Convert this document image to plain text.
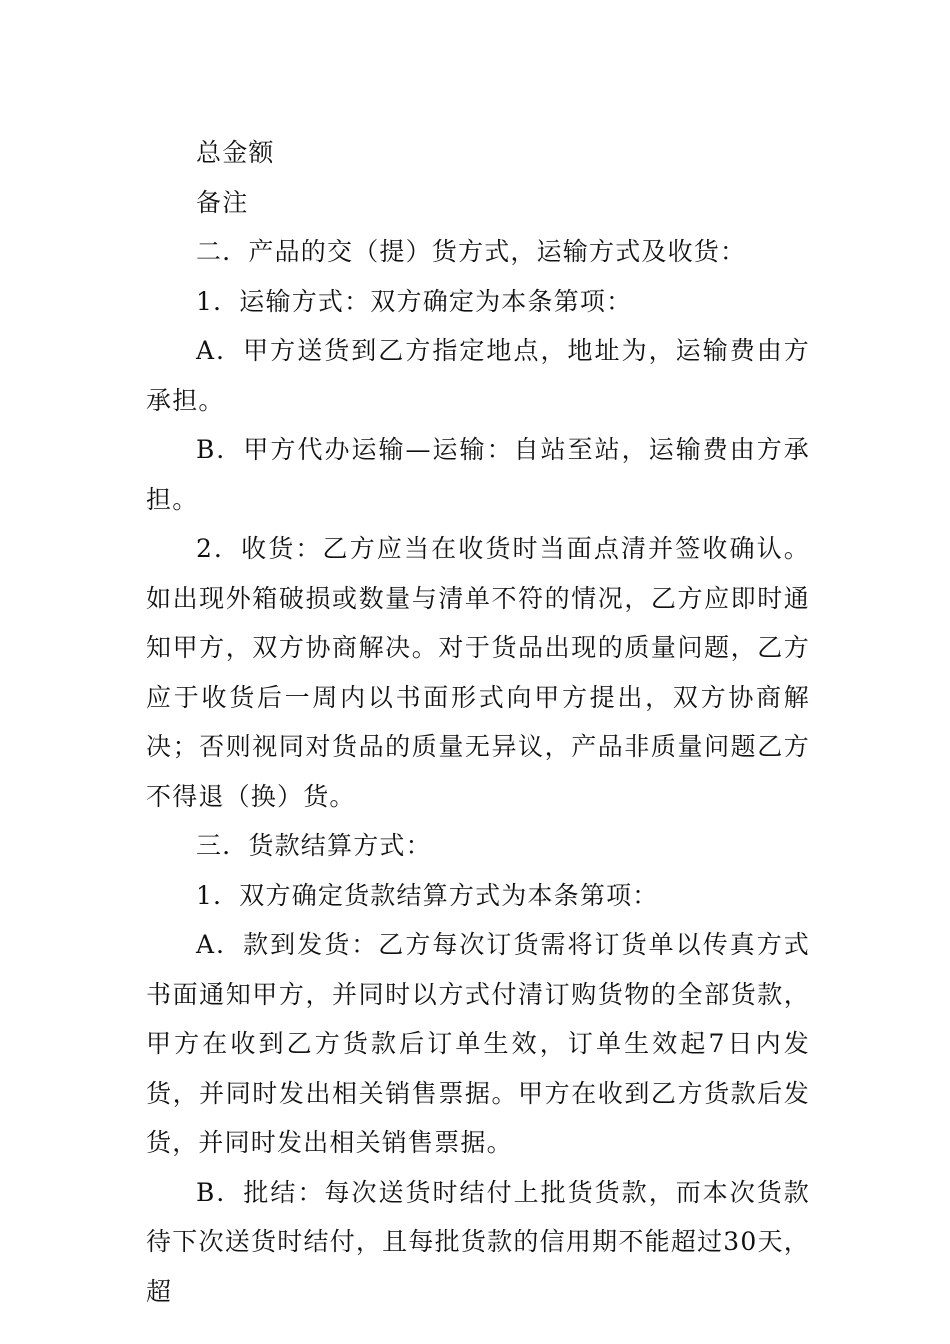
总金额

备注

二．产品的交（提）货方式，运输方式及收货：

1．运输方式：双方确定为本条第项：

A．甲方送货到乙方指定地点，地址为，运输费由方承担。

B．甲方代办运输—运输：自站至站，运输费由方承担。

2．收货：乙方应当在收货时当面点清并签收确认。如出现外箱破损或数量与清单不符的情况，乙方应即时通知甲方，双方协商解决。对于货品出现的质量问题，乙方应于收货后一周内以书面形式向甲方提出，双方协商解决；否则视同对货品的质量无异议，产品非质量问题乙方不得退（换）货。

三．货款结算方式：

1．双方确定货款结算方式为本条第项：

A．款到发货：乙方每次订货需将订货单以传真方式书面通知甲方，并同时以方式付清订购货物的全部货款，甲方在收到乙方货款后订单生效，订单生效起7日内发货，并同时发出相关销售票据。甲方在收到乙方货款后发货，并同时发出相关销售票据。

B．批结：每次送货时结付上批货货款，而本次货款待下次送货时结付，且每批货款的信用期不能超过30天，超
